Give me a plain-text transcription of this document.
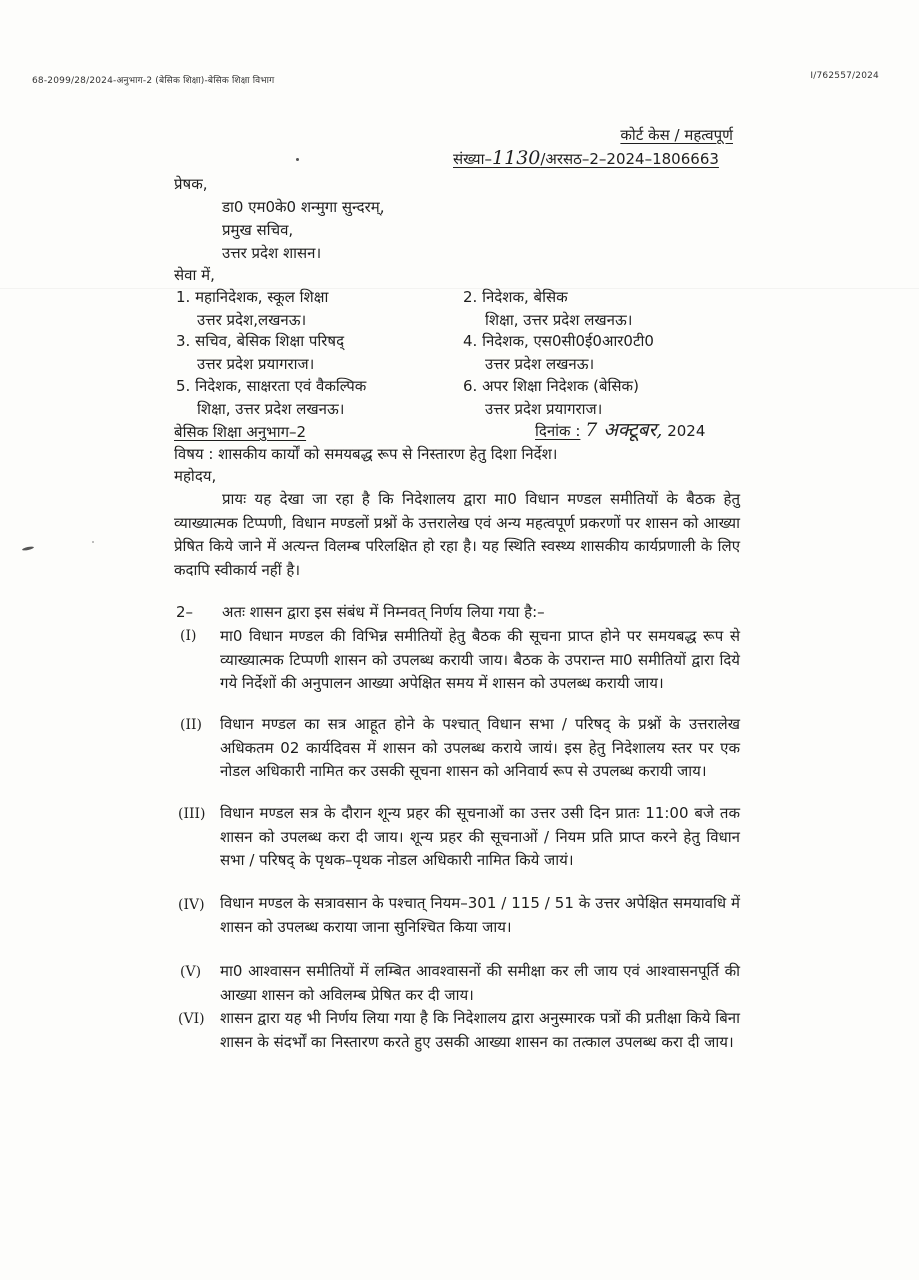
68-2099/28/2024-अनुभाग-2 (बेसिक शिक्षा)-बेसिक शिक्षा विभाग	I/762557/2024
कोर्ट केस / महत्वपूर्ण
संख्या–1130/अरसठ–2–2024–1806663
प्रेषक,
डा0 एम0के0 शन्मुगा सुन्दरम्,
प्रमुख सचिव,
उत्तर प्रदेश शासन।
सेवा में,
1. महानिदेशक, स्कूल शिक्षा
उत्तर प्रदेश,लखनऊ।
2. निदेशक, बेसिक
शिक्षा, उत्तर प्रदेश लखनऊ।
3. सचिव, बेसिक शिक्षा परिषद्
उत्तर प्रदेश प्रयागराज।
4. निदेशक, एस0सी0ई0आर0टी0
उत्तर प्रदेश लखनऊ।
5. निदेशक, साक्षरता एवं वैकल्पिक
शिक्षा, उत्तर प्रदेश लखनऊ।
6. अपर शिक्षा निदेशक (बेसिक)
उत्तर प्रदेश प्रयागराज।
बेसिक शिक्षा अनुभाग–2	दिनांक : 7 अक्टूबर, 2024
विषय : शासकीय कार्यों को समयबद्ध रूप से निस्तारण हेतु दिशा निर्देश।
महोदय,
प्रायः यह देखा जा रहा है कि निदेशालय द्वारा मा0 विधान मण्डल समीतियों के बैठक हेतु व्याख्यात्मक टिप्पणी, विधान मण्डलों प्रश्नों के उत्तरालेख एवं अन्य महत्वपूर्ण प्रकरणों पर शासन को आख्या प्रेषित किये जाने में अत्यन्त विलम्ब परिलक्षित हो रहा है। यह स्थिति स्वस्थ्य शासकीय कार्यप्रणाली के लिए कदापि स्वीकार्य नहीं है।
2– अतः शासन द्वारा इस संबंध में निम्नवत् निर्णय लिया गया है:–
(I) मा0 विधान मण्डल की विभिन्न समीतियों हेतु बैठक की सूचना प्राप्त होने पर समयबद्ध रूप से व्याख्यात्मक टिप्पणी शासन को उपलब्ध करायी जाय। बैठक के उपरान्त मा0 समीतियों द्वारा दिये गये निर्देशों की अनुपालन आख्या अपेक्षित समय में शासन को उपलब्ध करायी जाय।
(II) विधान मण्डल का सत्र आहूत होने के पश्चात् विधान सभा / परिषद् के प्रश्नों के उत्तरालेख अधिकतम 02 कार्यदिवस में शासन को उपलब्ध कराये जायं। इस हेतु निदेशालय स्तर पर एक नोडल अधिकारी नामित कर उसकी सूचना शासन को अनिवार्य रूप से उपलब्ध करायी जाय।
(III) विधान मण्डल सत्र के दौरान शून्य प्रहर की सूचनाओं का उत्तर उसी दिन प्रातः 11:00 बजे तक शासन को उपलब्ध करा दी जाय। शून्य प्रहर की सूचनाओं / नियम प्रति प्राप्त करने हेतु विधान सभा / परिषद् के पृथक–पृथक नोडल अधिकारी नामित किये जायं।
(IV) विधान मण्डल के सत्रावसान के पश्चात् नियम–301 / 115 / 51 के उत्तर अपेक्षित समयावधि में शासन को उपलब्ध कराया जाना सुनिश्चित किया जाय।
(V) मा0 आश्वासन समीतियों में लम्बित आवश्वासनों की समीक्षा कर ली जाय एवं आश्वासनपूर्ति की आख्या शासन को अविलम्ब प्रेषित कर दी जाय।
(VI) शासन द्वारा यह भी निर्णय लिया गया है कि निदेशालय द्वारा अनुस्मारक पत्रों की प्रतीक्षा किये बिना शासन के संदर्भों का निस्तारण करते हुए उसकी आख्या शासन का तत्काल उपलब्ध करा दी जाय।
